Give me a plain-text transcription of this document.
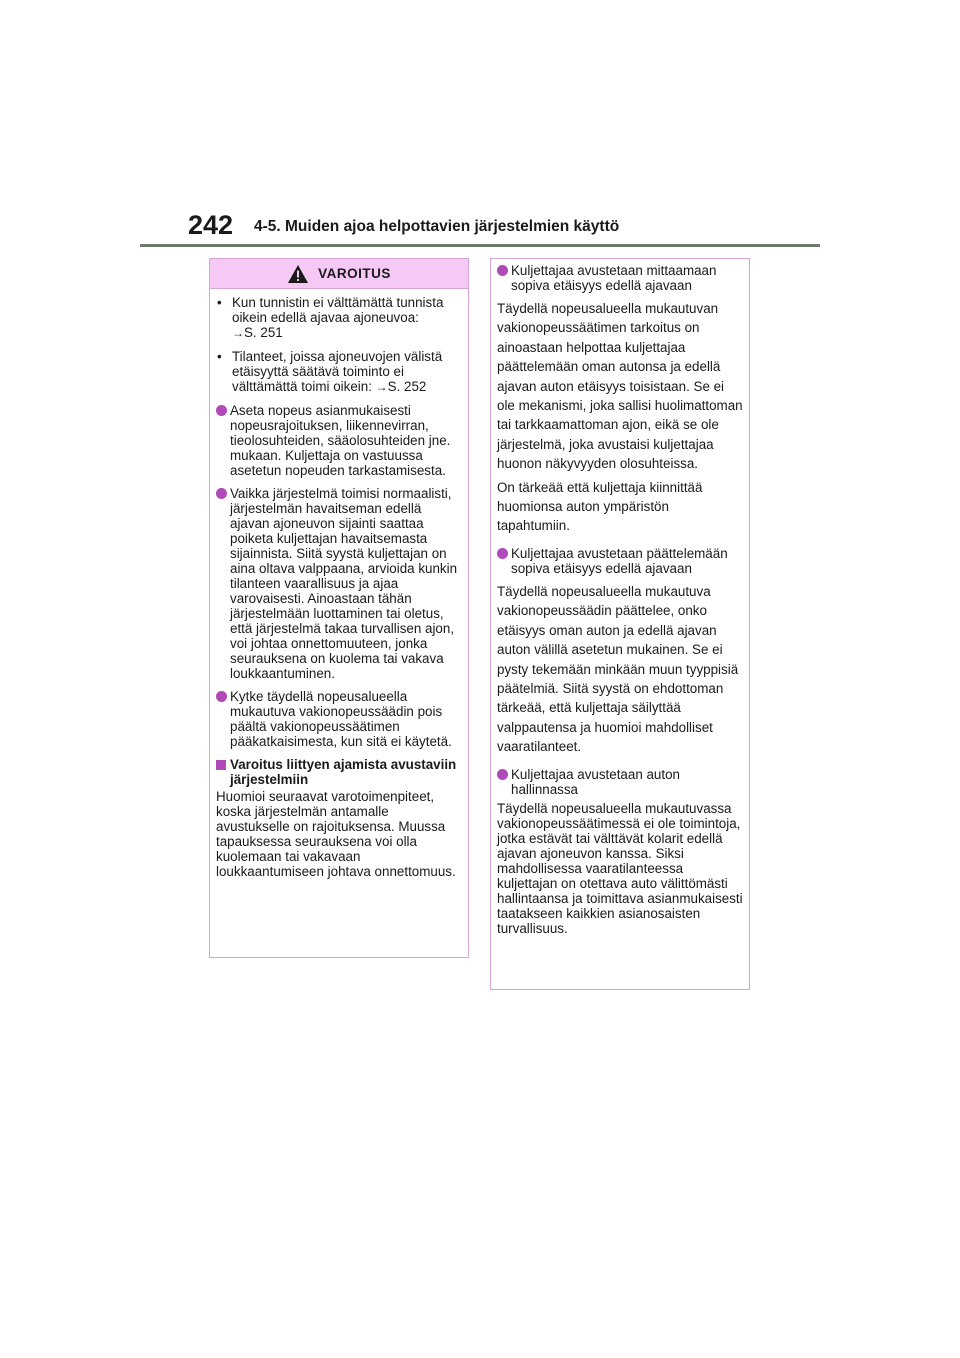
242 4-5. Muiden ajoa helpottavien järjestelmien käyttö
VAROITUS
• Kun tunnistin ei välttämättä tunnista oikein edellä ajavaa ajoneuvoa:
→S. 251
• Tilanteet, joissa ajoneuvojen välistä etäisyyttä säätävä toiminto ei välttämättä toimi oikein: →S. 252
Aseta nopeus asianmukaisesti nopeusrajoituksen, liikennevirran, tieolosuhteiden, sääolosuhteiden jne. mukaan. Kuljettaja on vastuussa asetetun nopeuden tarkastamisesta.
Vaikka järjestelmä toimisi normaalisti, järjestelmän havaitseman edellä ajavan ajoneuvon sijainti saattaa poiketa kuljettajan havaitsemasta sijainnista. Siitä syystä kuljettajan on aina oltava valppaana, arvioida kunkin tilanteen vaarallisuus ja ajaa varovaisesti. Ainoastaan tähän järjestelmään luottaminen tai oletus, että järjestelmä takaa turvallisen ajon, voi johtaa onnettomuuteen, jonka seurauksena on kuolema tai vakava loukkaantuminen.
Kytke täydellä nopeusalueella mukautuva vakionopeussäädin pois päältä vakionopeussäätimen pääkatkaisimesta, kun sitä ei käytetä.
Varoitus liittyen ajamista avustaviin järjestelmiin
Huomioi seuraavat varotoimenpiteet, koska järjestelmän antamalle avustukselle on rajoituksensa. Muussa tapauksessa seurauksena voi olla kuolemaan tai vakavaan loukkaantumiseen johtava onnettomuus.
Kuljettajaa avustetaan mittaamaan sopiva etäisyys edellä ajavaan

Täydellä nopeusalueella mukautuvan vakionopeussäätimen tarkoitus on ainoastaan helpottaa kuljettajaa päättelemään oman autonsa ja edellä ajavan auton etäisyys toisistaan. Se ei ole mekanismi, joka sallisi huolimattoman tai tarkkaamattoman ajon, eikä se ole järjestelmä, joka avustaisi kuljettajaa huonon näkyvyyden olosuhteissa.

On tärkeää että kuljettaja kiinnittää huomionsa auton ympäristön tapahtumiin.

Kuljettajaa avustetaan päättelemään sopiva etäisyys edellä ajavaan

Täydellä nopeusalueella mukautuva vakionopeussäädin päättelee, onko etäisyys oman auton ja edellä ajavan auton välillä asetetun mukainen. Se ei pysty tekemään minkään muun tyyppisiä päätelmiä. Siitä syystä on ehdottoman tärkeää, että kuljettaja säilyttää valppautensa ja huomioi mahdolliset vaaratilanteet.

Kuljettajaa avustetaan auton hallinnassa

Täydellä nopeusalueella mukautuvassa vakionopeussäätimessä ei ole toimintoja, jotka estävät tai välttävät kolarit edellä ajavan ajoneuvon kanssa. Siksi mahdollisessa vaaratilanteessa kuljettajan on otettava auto välittömästi hallintaansa ja toimittava asianmukaisesti taatakseen kaikkien asianosaisten turvallisuus.
